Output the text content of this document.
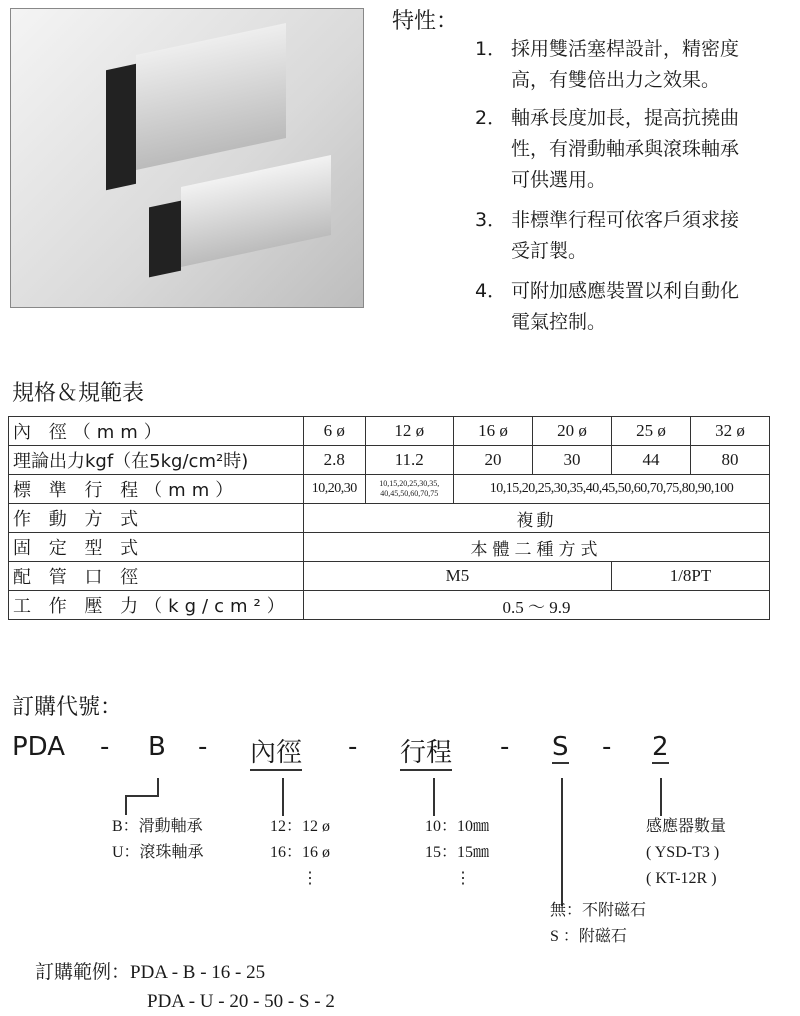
特性：
1． 採用雙活塞桿設計，精密度
高，有雙倍出力之效果。
2． 軸承長度加長，提高抗撓曲
性，有滑動軸承與滾珠軸承
可供選用。
3． 非標準行程可依客戶須求接
受訂製。
4． 可附加感應裝置以利自動化
電氣控制。
規格＆規範表
內 徑（mm）	6 ø	12 ø	16 ø	20 ø	25 ø	32 ø
理論出力kgf（在5kg/cm²時)	2.8	11.2	20	30	44	80
標 準 行 程（mm）	10,20,30	10,15,20,25,30,35,
40,45,50,60,70,75	10,15,20,25,30,35,40,45,50,60,70,75,80,90,100			
作 動 方 式	複動					
固 定 型 式	本體二種方式					
配 管 口 徑	M5				1/8PT	
工 作 壓 力（kg/cm²）	0.5 ～ 9.9					
訂購代號：
PDA - B - 內徑 - 行程 - S - 2
B：滑動軸承
U：滾珠軸承
12：12 ø
16：16 ø
⋮
10：10㎜
15：15㎜
⋮
感應器數量
( YSD-T3 )
( KT-12R )
無：不附磁石
S ：附磁石
訂購範例：PDA - B - 16 - 25
PDA - U - 20 - 50 - S - 2
